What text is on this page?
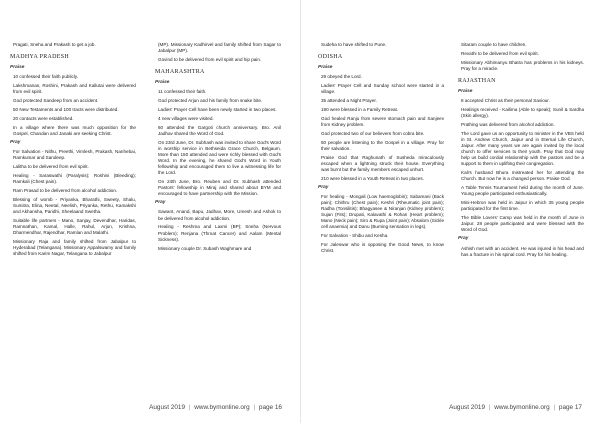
Pragati, Sneha and Prakash to get a job.

MADHYA PRADESH

Praise

10 confessed their faith publicly.

Lakshmanan, Roshini, Prakash and Kallutai were delivered from evil spirit.

God protected Sandeep from an accident.

50 New Testaments and 100 tracts were distributed.

20 contacts were established.

In a village where there was much opposition for the Gospel, Chandan and Janaki are seeking Christ.

Pray

For Salvation - Nithu, Preethi, Vimlesh, Prakash, Nanhebai, Ramkumar and Sandeep.

Lalitha to be delivered from evil spirit.

Healing - Saraswathi (Paralysis); Roshini (Bleeding); Ramkali (Chest pain).

Ram Prasad to be delivered from alcohol addiction.

Blessing of womb - Priyanka, Bharathi, Sweety, Shalu, Sumitra, Elina, Neetal, Neelish, Priyanka, Rethu, Kamakshi and Akhansha, Paridhi, Sheelaand Swetha.

Suitable life partners - Mano, Sanjay, Devendhar, Haridas, Ramnathan, Kamal, Halle, Rahul, Arjun, Krishna, Dharmendhar, Rajendhar, Ramlan and Malathi.

Missionary Raja and family shifted from Jabalpur to Hyderabad (Telangana). Missionary Appalswamy and family shifted from Karim Nagar, Telangana to Jabalpur

(MP). Missionary Kadhirvel and family shifted from Sagar to Jabalpur (MP).

Govind to be delivered from evil spirit and hip pain.

MAHARASHTRA

Praise

11 confessed their faith.

God protected Arjun and his family from snake bite.

Ladies' Prayer Cell have been newly started in two places.

4 new villages were visited.

60 attended the Gargoti church anniversary. Bro. Anil Jadhav shared the Word of God.

On 23rd June, Dr. Subhash was invited to share God's Word in worship service in Bethseida Grace Church, Belgaum. More than 150 attended and were richly blessed with God's Word. In the evening, he shared God's Word in Youth fellowship and encouraged them to live a witnessing life for the Lord.

On 24th June, Bro. Reuben and Dr. Subhash attended Pastors' fellowship in Miraj and shared about BYM and encouraged to have partnership with the Mission.

Pray

Sawant, Anand, Bapu, Jadhav, More, Umesh and Ashok to be delivered from alcohol addiction.

Healing - Reshma and Laxmi (BP); Sneha (Nervous Problem); Renjana (Throat Cancer) and Aalam (Mental Sickness).

Missionary couple Dr. Subash Waghmare and

August 2019 | www.bymonline.org | page 16

Sudeha to have shifted to Pune.

ODISHA

Praise

29 obeyed the Lord.

Ladies' Prayer Cell and Sunday school were started in a village.

35 attended a Night Prayer.

190 were blessed in a Family Retreat.

God healed Ranju from severe stomach pain and Sanjeev from Kidney problem.

God protected two of our believers from cobra bite.

50 people are listening to the Gospel in a village. Pray for their salvation.

Praise God that Raghunath of Susheda miraculously escaped when a lightning struck their house. Everything was burnt but the family members escaped unhurt.

210 were blessed in a Youth Retreat in two places.

Pray

For healing - Mongali (Low haemoglobin); Sabamani (Back pain); Chithru (Chest pain); Keshri (Rheumatic joint pain); Radha (Tonsilitis); Bhagyasee & Niranjan (Kidney problem); Sujan (Fits); Drupati, Kalavathi & Rohan (Heart problem); Mano (Neck pain); Siro & Rupa (Joint pain); Absalom (Sickle cell anaemia) and Danu (Burning sensation in legs).

For Salvation - Shibu and Kesha.

For Jaleswar who is opposing the Good News, to know Christ.

Sitaram couple to have children.

Revathi to be delivered from evil spirit.

Missionary Abhimanyu Bhatra has problems in his kidneys. Pray for a miracle.

RAJASTHAN

Praise

8 accepted Christ as their personal Saviour.

Healings received - Kailima (Able to speak); Sunil & Sardha (Skin allergy).

Prathing was delivered from alcohol addiction.

The Lord gave us an opportunity to minister in the VBS held in St. Andrew Church, Jaipur and in Eternal Life Church, Jaipur. After many years we are again invited by the local church to offer services to their youth. Pray that God may help us build cordial relationship with the pastors and be a support to them in uplifting their congregation.

Kali's husband Bhura mistreated her for attending the Church. But now he is a changed person. Praise God.

A Table Tennis Tournament held during the month of June. Young people participated enthusiastically.

Mini-Hebron was held in Jaipur in which 35 young people participated for the first time.

The Bible Lovers' Camp was held in the month of June in Jaipur. 28 people participated and were blessed with the Word of God.

Pray

Ashish met with an accident. He was injured in his head and has a fracture in his spinal cord. Pray for his healing.

August 2019 | www.bymonline.org | page 17
